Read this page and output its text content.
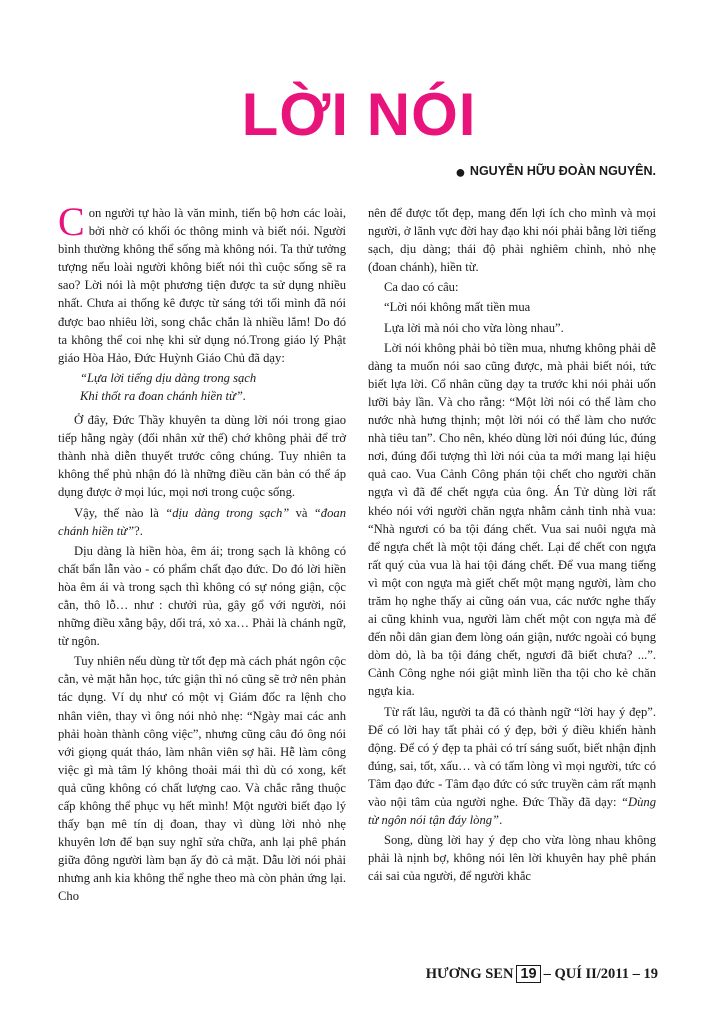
LỜI NÓI
● NGUYỄN HỮU ĐOÀN NGUYÊN.

Con người tự hào là văn minh, tiến bộ hơn các loài, bởi nhờ có khối óc thông minh và biết nói. Người bình thường không thể sống mà không nói. Ta thử tưởng tượng nếu loài người không biết nói thì cuộc sống sẽ ra sao? Lời nói là một phương tiện được ta sử dụng nhiều nhất. Chưa ai thống kê được từ sáng tới tối mình đã nói được bao nhiêu lời, song chắc chắn là nhiều lắm! Do đó ta không thể coi nhẹ khi sử dụng nó.Trong giáo lý Phật giáo Hòa Hảo, Đức Huỳnh Giáo Chủ đã dạy:

“Lựa lời tiếng dịu dàng trong sạch

Khi thốt ra đoan chánh hiền từ”.

Ở đây, Đức Thầy khuyên ta dùng lời nói trong giao tiếp hằng ngày (đối nhân xử thế) chớ không phải để trở thành nhà diễn thuyết trước công chúng. Tuy nhiên ta không thể phủ nhận đó là những điều căn bản có thể áp dụng được ở mọi lúc, mọi nơi trong cuộc sống.

Vậy, thế nào là “dịu dàng trong sạch” và “đoan chánh hiền từ”?.

Dịu dàng là hiền hòa, êm ái; trong sạch là không có chất bẩn lẫn vào - có phẩm chất đạo đức. Do đó lời hiền hòa êm ái và trong sạch thì không có sự nóng giận, cộc cằn, thô lỗ… như : chưởi rủa, gây gổ với người, nói những điều xằng bậy, dối trá, xỏ xa… Phải là chánh ngữ, từ ngôn.

Tuy nhiên nếu dùng từ tốt đẹp mà cách phát ngôn cộc cằn, vẻ mặt hằn học, tức giận thì nó cũng sẽ trở nên phản tác dụng. Ví dụ như có một vị Giám đốc ra lệnh cho nhân viên, thay vì ông nói nhỏ nhẹ: “Ngày mai các anh phải hoàn thành công việc”, nhưng cũng câu đó ông nói với giọng quát tháo, làm nhân viên sợ hãi. Hễ làm công việc gì mà tâm lý không thoải mái thì dù có xong, kết quả cũng không có chất lượng cao. Và chắc rằng thuộc cấp không thể phục vụ hết mình! Một người biết đạo lý thấy bạn mê tín dị đoan, thay vì dùng lời nhỏ nhẹ khuyên lơn để bạn suy nghĩ sửa chữa, anh lại phê phán giữa đông người làm bạn ấy đỏ cả mặt. Dẫu lời nói phải nhưng anh kia không thể nghe theo mà còn phản ứng lại. Cho

nên để được tốt đẹp, mang đến lợi ích cho mình và mọi người, ở lãnh vực đời hay đạo khi nói phải bằng lời tiếng sạch, dịu dàng; thái độ phải nghiêm chỉnh, nhỏ nhẹ (đoan chánh), hiền từ.

Ca dao có câu:

“Lời nói không mất tiền mua

Lựa lời mà nói cho vừa lòng nhau”.

Lời nói không phải bỏ tiền mua, nhưng không phải dễ dàng ta muốn nói sao cũng được, mà phải biết nói, tức biết lựa lời. Cổ nhân cũng dạy ta trước khi nói phải uốn lưỡi bảy lần. Và cho rằng: “Một lời nói có thể làm cho nước nhà hưng thịnh; một lời nói có thể làm cho nước nhà tiêu tan”. Cho nên, khéo dùng lời nói đúng lúc, đúng nơi, đúng đối tượng thì lời nói của ta mới mang lại hiệu quả cao. Vua Cảnh Công phán tội chết cho người chăn ngựa vì đã để chết ngựa của ông. Án Tử dùng lời rất khéo nói với người chăn ngựa nhằm cảnh tỉnh nhà vua: “Nhà ngươi có ba tội đáng chết. Vua sai nuôi ngựa mà để ngựa chết là một tội đáng chết. Lại để chết con ngựa rất quý của vua là hai tội đáng chết. Để vua mang tiếng vì một con ngựa mà giết chết một mạng người, làm cho trăm họ nghe thấy ai cũng oán vua, các nước nghe thấy ai cũng khinh vua, người làm chết một con ngựa mà để đến nỗi dân gian đem lòng oán giận, nước ngoài có bụng dòm dỏ, là ba tội đáng chết, ngươi đã biết chưa? ...”. Cảnh Công nghe nói giật mình liền tha tội cho kẻ chăn ngựa kia.

Từ rất lâu, người ta đã có thành ngữ “lời hay ý đẹp”. Để có lời hay tất phải có ý đẹp, bởi ý điều khiển hành động. Để có ý đẹp ta phải có trí sáng suốt, biết nhận định đúng, sai, tốt, xấu… và có tấm lòng vì mọi người, tức có Tâm đạo đức - Tâm đạo đức có sức truyền cảm rất mạnh vào nội tâm của người nghe. Đức Thầy đã dạy: “Dùng từ ngôn nói tận đáy lòng”.

Song, dùng lời hay ý đẹp cho vừa lòng nhau không phải là nịnh bợ, không nói lên lời khuyên hay phê phán cái sai của người, để người khắc

HƯƠNG SEN 19 – QUÍ II/2011 – 19
